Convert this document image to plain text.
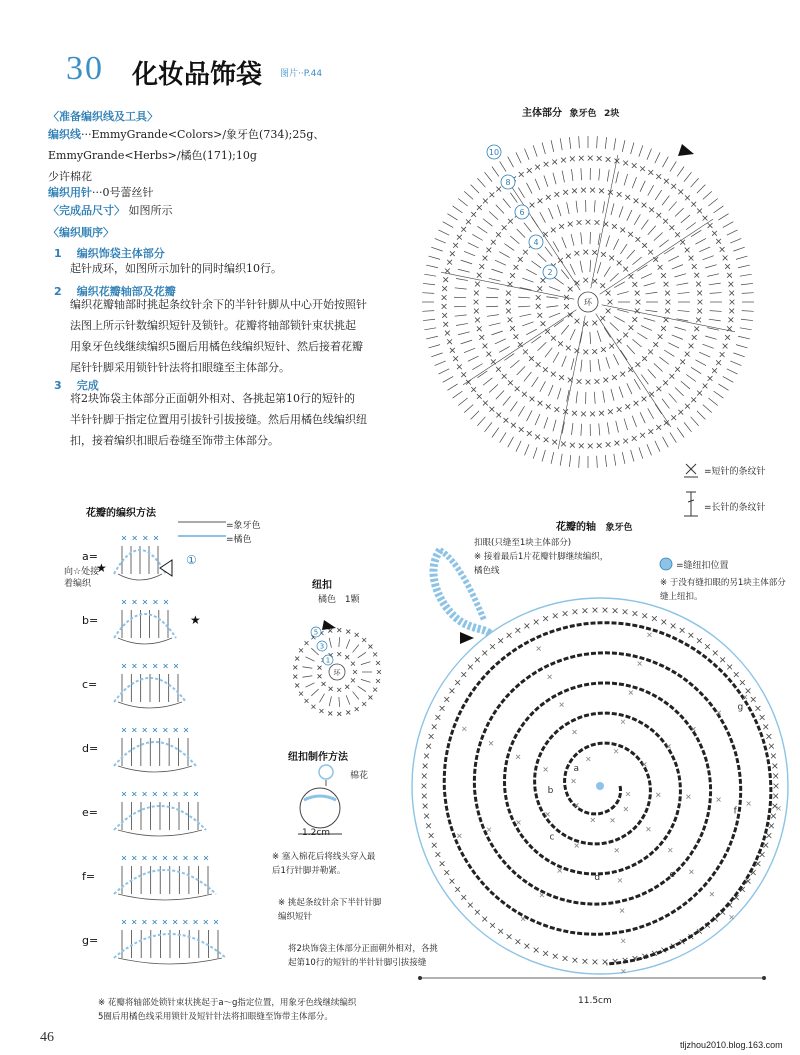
30 化妆品饰袋 图片··P.44
〈准备编织线及工具〉
编织线···EmmyGrande<Colors>/象牙色(734);25g、
EmmyGrande<Herbs>/橘色(171);10g
少许棉花
编织用针···0号蕾丝针
〈完成品尺寸〉 如图所示
〈编织顺序〉
1 编织饰袋主体部分
起针成环，如图所示加针的同时编织10行。
2 编织花瓣轴部及花瓣
编织花瓣轴部时挑起条纹针余下的半针针脚从中心开始按照针
法图上所示针数编织短针及锁针。花瓣将轴部锁针束状挑起
用象牙色线继续编织5圈后用橘色线编织短针、然后接着花瓣
尾针针脚采用锁针针法将扣眼缝至主体部分。
3 完成
将2块饰袋主体部分正面朝外相对、各挑起第10行的短针的
半针针脚于指定位置用引拔针引拔接缝。然后用橘色线编织纽
扣，接着编织扣眼后卷缝至饰带主体部分。
主体部分 象牙色 2块
10
8
6
4
2
环
=短针的条纹针
=长针的条纹针
花瓣的编织方法
=象牙色
=橘色
a=
b=
c=
d=
e=
f=
g=
★
①
★
向☆处接着编织	纽扣
橘色 1颗
5
3
1
环
纽扣制作方法
棉花
1.2cm
※ 塞入棉花后将线头穿入最
后1行针脚并勒紧。
花瓣的轴 象牙色
扣眼(只缝至1块主体部分)
※ 接着最后1片花瓣针脚继续编织，
橘色线	=缝纽扣位置
※ 于没有缝扣眼的另1块主体部分
缝上纽扣。
g
f
e
d
c
b
a
11.5cm
※ 挑起条纹针余下半针针脚
编织短针
将2块饰袋主体部分正面朝外相对，各挑
起第10行的短针的半针针脚引拔接缝
※ 花瓣将轴部处锁针束状挑起于a～g指定位置，用象牙色线继续编织
5圈后用橘色线采用锁针及短针针法将扣眼缝至饰带主体部分。
46	tljzhou2010.blog.163.com
